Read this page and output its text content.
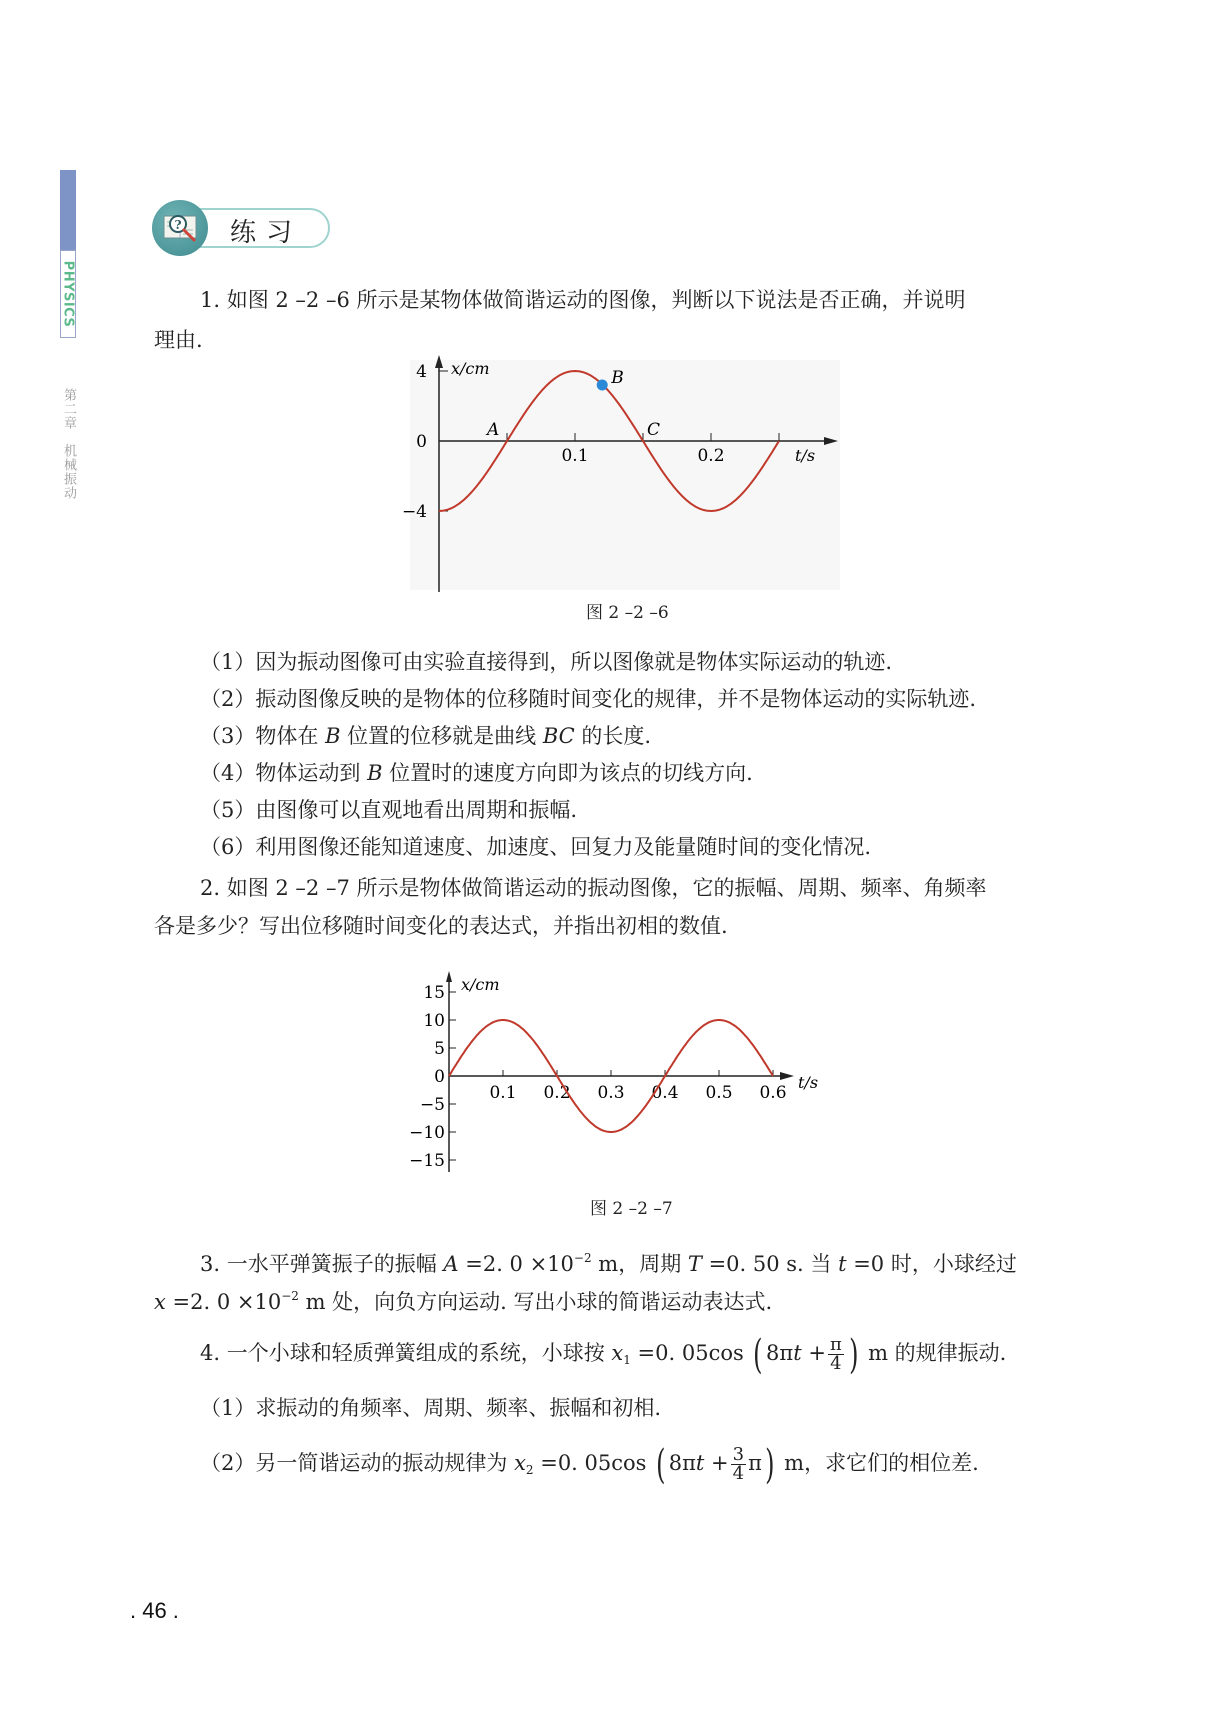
PHYSICS
第二章　机械振动
? 练习
1. 如图 2 –2 –6 所示是某物体做简谐运动的图像，判断以下说法是否正确，并说明
理由.
x/cm
t/s
4
0
−4
0.1	0.2
A
B
C
图 2 –2 –6
（1）因为振动图像可由实验直接得到，所以图像就是物体实际运动的轨迹.
（2）振动图像反映的是物体的位移随时间变化的规律，并不是物体运动的实际轨迹.
（3）物体在 B 位置的位移就是曲线 BC 的长度.
（4）物体运动到 B 位置时的速度方向即为该点的切线方向.
（5）由图像可以直观地看出周期和振幅.
（6）利用图像还能知道速度、加速度、回复力及能量随时间的变化情况.
2. 如图 2 –2 –7 所示是物体做简谐运动的振动图像，它的振幅、周期、频率、角频率
各是多少？写出位移随时间变化的表达式，并指出初相的数值.
x/cm
t/s
15
10
5
0
−5
−10
−15
0.1 0.2 0.3 0.4 0.5 0.6
图 2 –2 –7
3. 一水平弹簧振子的振幅 A =2. $0 \times 10^{-2}$ m，周期 T =0. 50 s. 当 t =0 时，小球经过
x =2. $0 \times 10^{-2}$ m 处，向负方向运动. 写出小球的简谐运动表达式.
4. 一个小球和轻质弹簧组成的系统，小球按 $x_1 =0$. 05cos ( $8\pi t + \frac{\pi}{4}$ ) m 的规律振动.
（1）求振动的角频率、周期、频率、振幅和初相.
（2）另一简谐运动的振动规律为 $x_2 =0$. 05cos ( $8\pi t + \frac{3}{4} \pi$) m，求它们的相位差.
. 46 .
